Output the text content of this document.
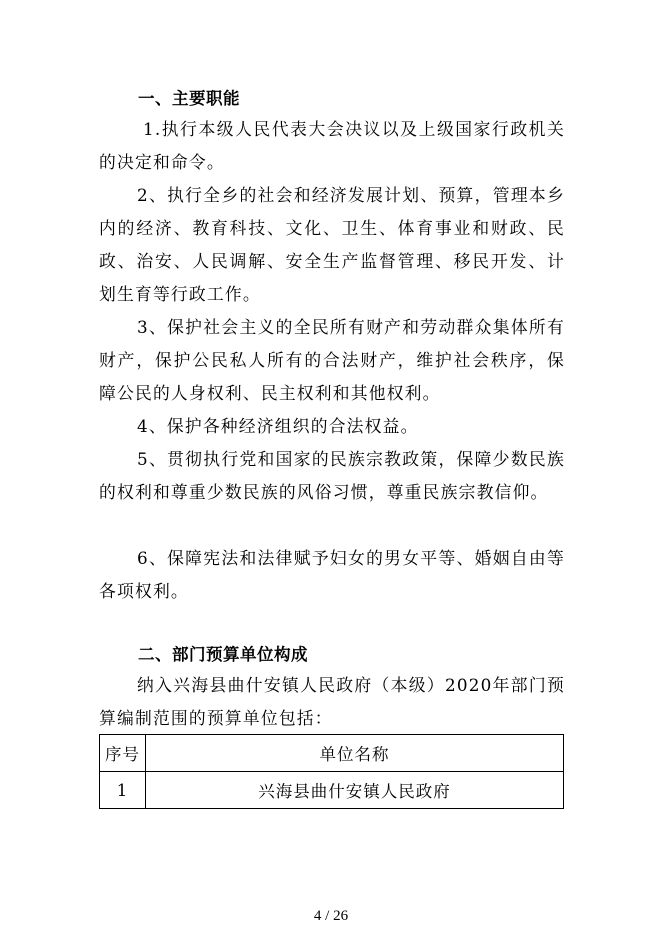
一、主要职能

1.执行本级人民代表大会决议以及上级国家行政机关的决定和命令。

2、执行全乡的社会和经济发展计划、预算，管理本乡内的经济、教育科技、文化、卫生、体育事业和财政、民政、治安、人民调解、安全生产监督管理、移民开发、计划生育等行政工作。

3、保护社会主义的全民所有财产和劳动群众集体所有财产，保护公民私人所有的合法财产，维护社会秩序，保障公民的人身权利、民主权利和其他权利。

4、保护各种经济组织的合法权益。

5、贯彻执行党和国家的民族宗教政策，保障少数民族的权利和尊重少数民族的风俗习惯，尊重民族宗教信仰。

6、保障宪法和法律赋予妇女的男女平等、婚姻自由等各项权利。

二、部门预算单位构成

纳入兴海县曲什安镇人民政府（本级）2020年部门预算编制范围的预算单位包括：

序号	单位名称
1	兴海县曲什安镇人民政府
4 / 26
